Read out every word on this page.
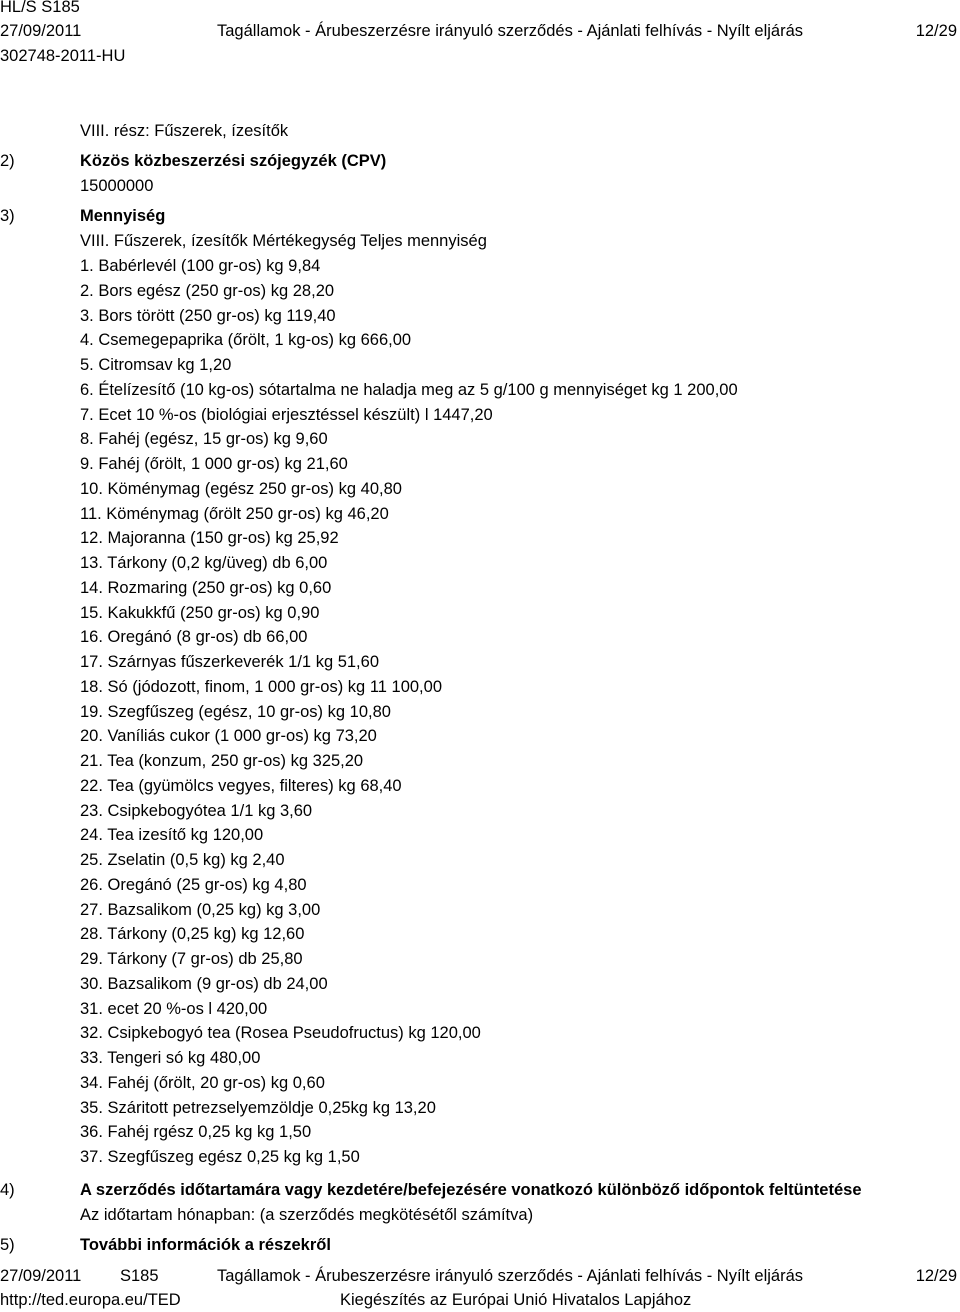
HL/S S185
27/09/2011	Tagállamok - Árubeszerzésre irányuló szerződés - Ajánlati felhívás - Nyílt eljárás	12/29
302748-2011-HU
VIII. rész: Fűszerek, ízesítők
2)	Közös közbeszerzési szójegyzék (CPV)
15000000
3)	Mennyiség
VIII. Fűszerek, ízesítők Mértékegység Teljes mennyiség
1. Babérlevél (100 gr-os) kg 9,84
2. Bors egész (250 gr-os) kg 28,20
3. Bors törött (250 gr-os) kg 119,40
4. Csemegepaprika (őrölt, 1 kg-os) kg 666,00
5. Citromsav kg 1,20
6. Ételízesítő (10 kg-os) sótartalma ne haladja meg az 5 g/100 g mennyiséget kg 1 200,00
7. Ecet 10 %-os (biológiai erjesztéssel készült) l 1447,20
8. Fahéj (egész, 15 gr-os) kg 9,60
9. Fahéj (őrölt, 1 000 gr-os) kg 21,60
10. Köménymag (egész 250 gr-os) kg 40,80
11. Köménymag (őrölt 250 gr-os) kg 46,20
12. Majoranna (150 gr-os) kg 25,92
13. Tárkony (0,2 kg/üveg) db 6,00
14. Rozmaring (250 gr-os) kg 0,60
15. Kakukkfű (250 gr-os) kg 0,90
16. Oregánó (8 gr-os) db 66,00
17. Szárnyas fűszerkeverék 1/1 kg 51,60
18. Só (jódozott, finom, 1 000 gr-os) kg 11 100,00
19. Szegfűszeg (egész, 10 gr-os) kg 10,80
20. Vaníliás cukor (1 000 gr-os) kg 73,20
21. Tea (konzum, 250 gr-os) kg 325,20
22. Tea (gyümölcs vegyes, filteres) kg 68,40
23. Csipkebogyótea 1/1 kg 3,60
24. Tea izesítő kg 120,00
25. Zselatin (0,5 kg) kg 2,40
26. Oregánó (25 gr-os) kg 4,80
27. Bazsalikom (0,25 kg) kg 3,00
28. Tárkony (0,25 kg) kg 12,60
29. Tárkony (7 gr-os) db 25,80
30. Bazsalikom (9 gr-os) db 24,00
31. ecet 20 %-os l 420,00
32. Csipkebogyó tea (Rosea Pseudofructus) kg 120,00
33. Tengeri só kg 480,00
34. Fahéj (őrölt, 20 gr-os) kg 0,60
35. Száritott petrezselyemzöldje 0,25kg kg 13,20
36. Fahéj rgész 0,25 kg kg 1,50
37. Szegfűszeg egész 0,25 kg kg 1,50
4)	A szerződés időtartamára vagy kezdetére/befejezésére vonatkozó különböző időpontok feltüntetése
Az időtartam hónapban: (a szerződés megkötésétől számítva)
5)	További információk a részekről
27/09/2011 S185	Tagállamok - Árubeszerzésre irányuló szerződés - Ajánlati felhívás - Nyílt eljárás	12/29
http://ted.europa.eu/TED	Kiegészítés az Európai Unió Hivatalos Lapjához
